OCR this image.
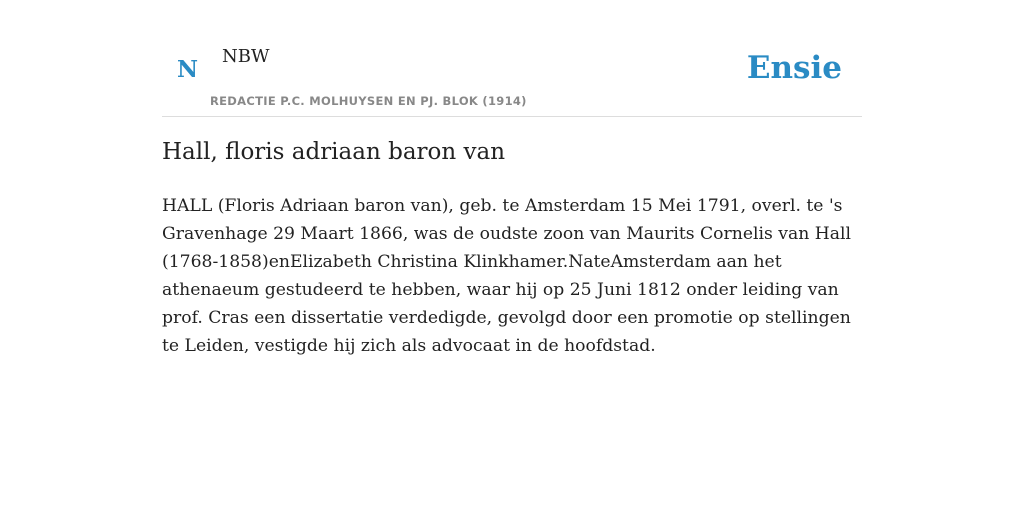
N NBW
REDACTIE P.C. MOLHUYSEN EN PJ. BLOK (1914)
Ensie
Hall, floris adriaan baron van

HALL (Floris Adriaan baron van), geb. te Amsterdam 15 Mei 1791, overl. te 's Gravenhage 29 Maart 1866, was de oudste zoon van Maurits Cornelis van Hall (1768-1858)enElizabeth Christina Klinkhamer.NateAmsterdam aan het athenaeum gestudeerd te hebben, waar hij op 25 Juni 1812 onder leiding van prof. Cras een dissertatie verdedigde, gevolgd door een promotie op stellingen te Leiden, vestigde hij zich als advocaat in de hoofdstad.
